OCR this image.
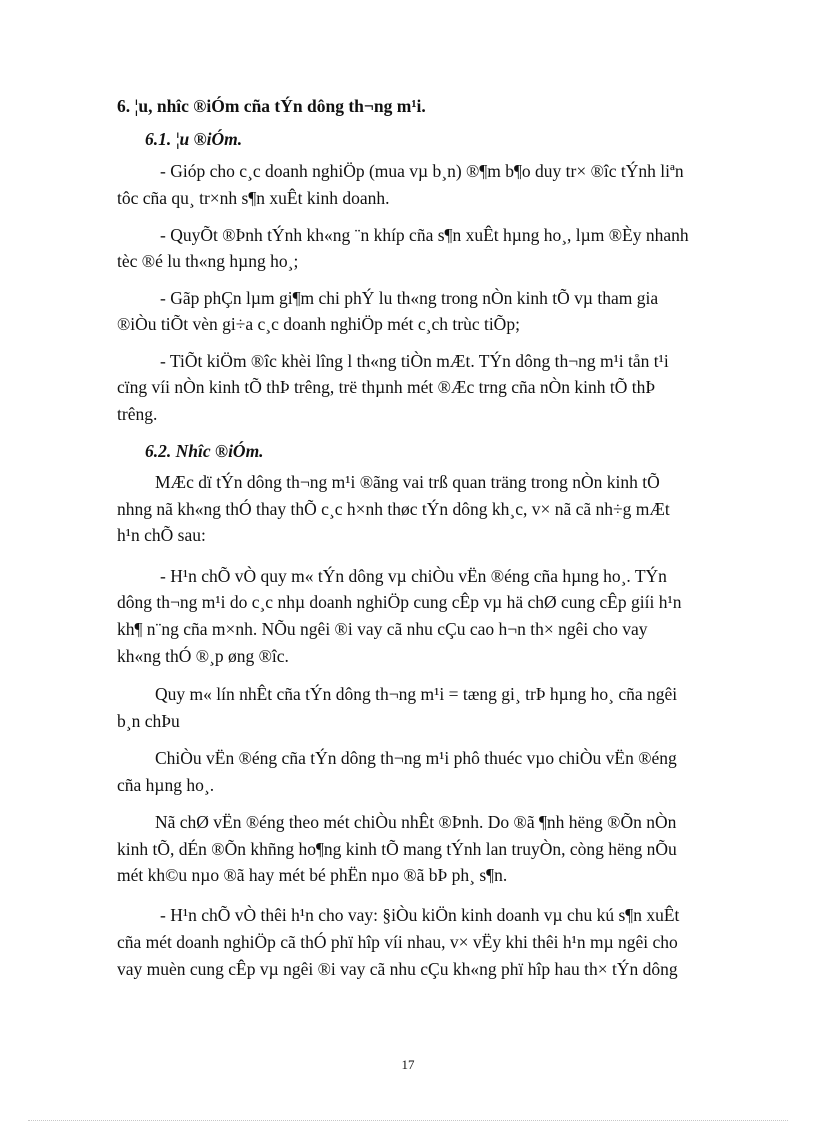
6. ¦u, nhîc ®iÓm cña tÝn dông th¬ng m¹i.
6.1. ¦u ®iÓm.
- Gióp cho c¸c doanh nghiÖp (mua vµ b¸n) ®¶m b¶o duy tr× ®îc tÝnh liªn
tôc cña qu¸ tr×nh s¶n xuÊt kinh doanh.
- QuyÕt ®Þnh tÝnh kh«ng ¨n khíp cña s¶n xuÊt hµng ho¸, lµm ®Èy nhanh
tèc ®é lu th«ng hµng ho¸;
- Gãp phÇn lµm gi¶m chi phÝ lu th«ng trong nÒn kinh tÕ vµ tham gia
®iÒu tiÕt vèn gi÷a c¸c doanh nghiÖp mét c¸ch trùc tiÕp;
- TiÕt kiÖm ®îc khèi lîng l th«ng tiÒn mÆt. TÝn dông th¬ng m¹i tån t¹i
cïng víi nÒn kinh tÕ thÞ trêng, trë thµnh mét ®Æc trng cña nÒn kinh tÕ thÞ
trêng.
6.2. Nhîc ®iÓm.
MÆc dï tÝn dông th¬ng m¹i ®ãng vai trß quan träng trong nÒn kinh tÕ
nhng nã kh«ng thÓ thay thÕ c¸c h×nh thøc tÝn dông kh¸c, v× nã cã nh÷g mÆt
h¹n chÕ sau:
- H¹n chÕ vÒ quy m« tÝn dông vµ chiÒu vËn ®éng cña hµng ho¸. TÝn
dông th¬ng m¹i do c¸c nhµ doanh nghiÖp cung cÊp vµ hä chØ cung cÊp giíi h¹n
kh¶ n¨ng cña m×nh. NÕu ngêi ®i vay cã nhu cÇu cao h¬n th× ngêi cho vay
kh«ng thÓ ®¸p øng ®îc.
Quy m« lín nhÊt cña tÝn dông th¬ng m¹i = tæng gi¸ trÞ hµng ho¸ cña ngêi
b¸n chÞu
ChiÒu vËn ®éng cña tÝn dông th¬ng m¹i phô thuéc vµo chiÒu vËn ®éng
cña hµng ho¸.
Nã chØ vËn ®éng theo mét chiÒu nhÊt ®Þnh. Do ®ã ¶nh hëng ®Õn nÒn
kinh tÕ, dÉn ®Õn khñng ho¶ng kinh tÕ mang tÝnh lan truyÒn, còng hëng nÕu
mét kh©u nµo ®ã hay mét bé phËn nµo ®ã bÞ ph¸ s¶n.
- H¹n chÕ vÒ thêi h¹n cho vay: §iÒu kiÖn kinh doanh vµ chu kú s¶n xuÊt
cña mét doanh nghiÖp cã thÓ phï hîp víi nhau, v× vËy khi thêi h¹n mµ ngêi cho
vay muèn cung cÊp vµ ngêi ®i vay cã nhu cÇu kh«ng phï hîp hau th× tÝn dông
17
